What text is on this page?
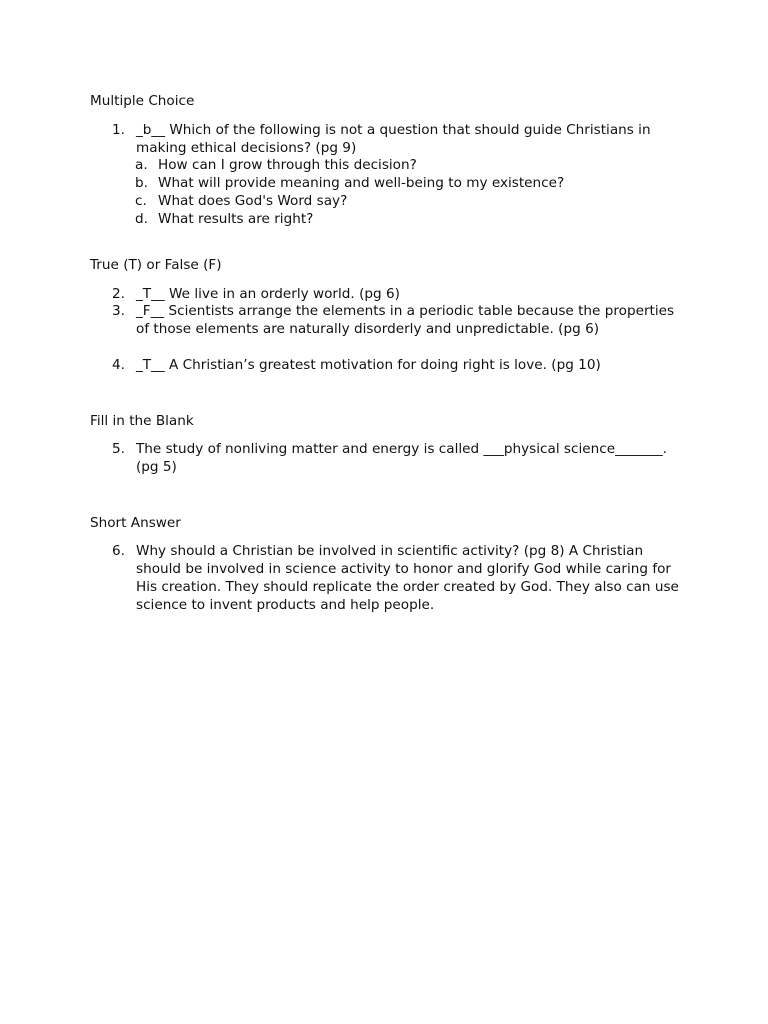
Multiple Choice
1. _b__ Which of the following is not a question that should guide Christians in making ethical decisions? (pg 9)
a. How can I grow through this decision?
b. What will provide meaning and well-being to my existence?
c. What does God's Word say?
d. What results are right?
True (T) or False (F)
2. _T__ We live in an orderly world. (pg 6)
3. _F__ Scientists arrange the elements in a periodic table because the properties of those elements are naturally disorderly and unpredictable. (pg 6)
4. _T__ A Christian’s greatest motivation for doing right is love. (pg 10)
Fill in the Blank
5. The study of nonliving matter and energy is called ___physical science_______. (pg 5)
Short Answer
6. Why should a Christian be involved in scientific activity? (pg 8) A Christian should be involved in science activity to honor and glorify God while caring for His creation. They should replicate the order created by God. They also can use science to invent products and help people.
